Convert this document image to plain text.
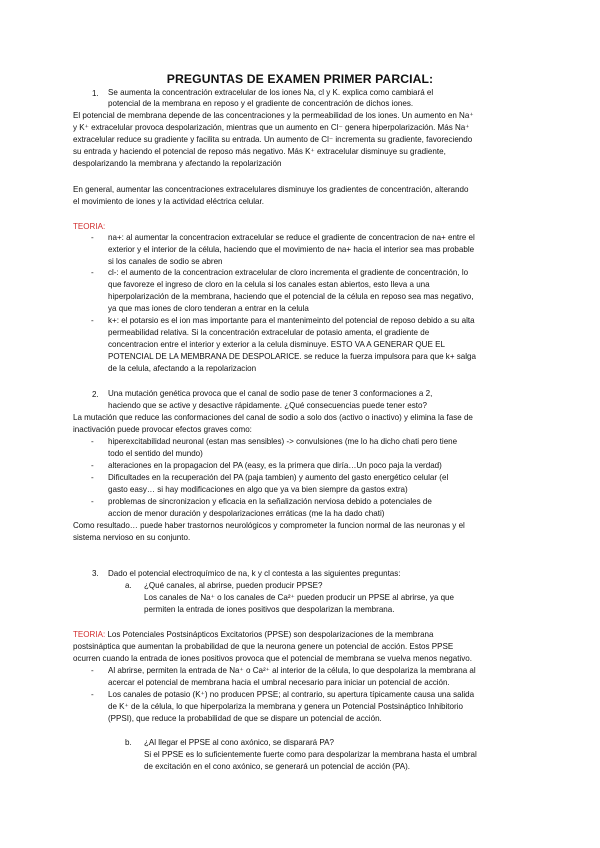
PREGUNTAS DE EXAMEN PRIMER PARCIAL:
1. Se aumenta la concentración extracelular de los iones Na, cl y K. explica como cambiará el
potencial de la membrana en reposo y el gradiente de concentración de dichos iones.
El potencial de membrana depende de las concentraciones y la permeabilidad de los iones. Un aumento en Na⁺
y K⁺ extracelular provoca despolarización, mientras que un aumento en Cl⁻ genera hiperpolarización. Más Na⁺
extracelular reduce su gradiente y facilita su entrada. Un aumento de Cl⁻ incrementa su gradiente, favoreciendo
su entrada y haciendo el potencial de reposo más negativo. Más K⁺ extracelular disminuye su gradiente,
despolarizando la membrana y afectando la repolarización
En general, aumentar las concentraciones extracelulares disminuye los gradientes de concentración, alterando
el movimiento de iones y la actividad eléctrica celular.
TEORIA:
- na+: al aumentar la concentracion extracelular se reduce el gradiente de concentracion de na+ entre el
exterior y el interior de la célula, haciendo que el movimiento de na+ hacia el interior sea mas probable
si los canales de sodio se abren
- cl-: el aumento de la concentracion extracelular de cloro incrementa el gradiente de concentración, lo
que favoreze el ingreso de cloro en la celula si los canales estan abiertos, esto lleva a una
hiperpolarización de la membrana, haciendo que el potencial de la célula en reposo sea mas negativo,
ya que mas iones de cloro tenderan a entrar en la celula
- k+: el potarsio es el ion mas importante para el mantenimeinto del potencial de reposo debido a su alta
permeabilidad relativa. Si la concentración extracelular de potasio amenta, el gradiente de
concentracion entre el interior y exterior a la celula disminuye. ESTO VA A GENERAR QUE EL
POTENCIAL DE LA MEMBRANA DE DESPOLARICE. se reduce la fuerza impulsora para que k+ salga
de la celula, afectando a la repolarizacion
2. Una mutación genética provoca que el canal de sodio pase de tener 3 conformaciones a 2,
haciendo que se active y desactive rápidamente. ¿Qué consecuencias puede tener esto?
La mutación que reduce las conformaciones del canal de sodio a solo dos (activo o inactivo) y elimina la fase de
inactivación puede provocar efectos graves como:
- hiperexcitabilidad neuronal (estan mas sensibles) -> convulsiones (me lo ha dicho chati pero tiene
todo el sentido del mundo)
- alteraciones en la propagacion del PA (easy, es la primera que diría…Un poco paja la verdad)
- Dificultades en la recuperación del PA (paja tambien) y aumento del gasto energético celular (el
gasto easy… si hay modificaciones en algo que ya va bien siempre da gastos extra)
- problemas de sincronizacion y eficacia en la señalización nerviosa debido a potenciales de
accion de menor duración y despolarizaciones erráticas (me la ha dado chati)
Como resultado… puede haber trastornos neurológicos y comprometer la funcion normal de las neuronas y el
sistema nervioso en su conjunto.
3. Dado el potencial electroquímico de na, k y cl contesta a las siguientes preguntas:
a. ¿Qué canales, al abrirse, pueden producir PPSE?
Los canales de Na⁺ o los canales de Ca²⁺ pueden producir un PPSE al abrirse, ya que
permiten la entrada de iones positivos que despolarizan la membrana.
TEORIA: Los Potenciales Postsinápticos Excitatorios (PPSE) son despolarizaciones de la membrana
postsináptica que aumentan la probabilidad de que la neurona genere un potencial de acción. Estos PPSE
ocurren cuando la entrada de iones positivos provoca que el potencial de membrana se vuelva menos negativo.
- Al abrirse, permiten la entrada de Na⁺ o Ca²⁺ al interior de la célula, lo que despolariza la membrana al
acercar el potencial de membrana hacia el umbral necesario para iniciar un potencial de acción.
- Los canales de potasio (K⁺) no producen PPSE; al contrario, su apertura típicamente causa una salida
de K⁺ de la célula, lo que hiperpolariza la membrana y genera un Potencial Postsináptico Inhibitorio
(PPSI), que reduce la probabilidad de que se dispare un potencial de acción.
b. ¿Al llegar el PPSE al cono axónico, se disparará PA?
Si el PPSE es lo suficientemente fuerte como para despolarizar la membrana hasta el umbral
de excitación en el cono axónico, se generará un potencial de acción (PA).
